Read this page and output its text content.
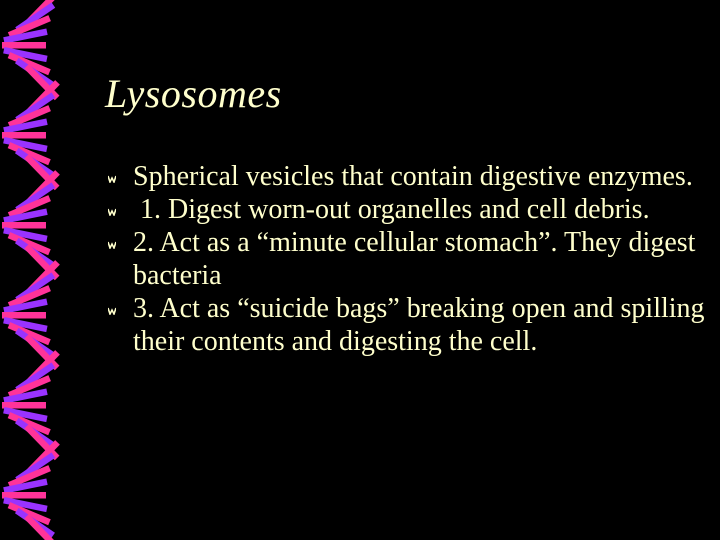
Lysosomes
Spherical vesicles that contain digestive enzymes.
1. Digest worn-out organelles and cell debris.
2. Act as a “minute cellular stomach”. They digest bacteria
3. Act as “suicide bags” breaking open and spilling their contents and digesting the cell.
